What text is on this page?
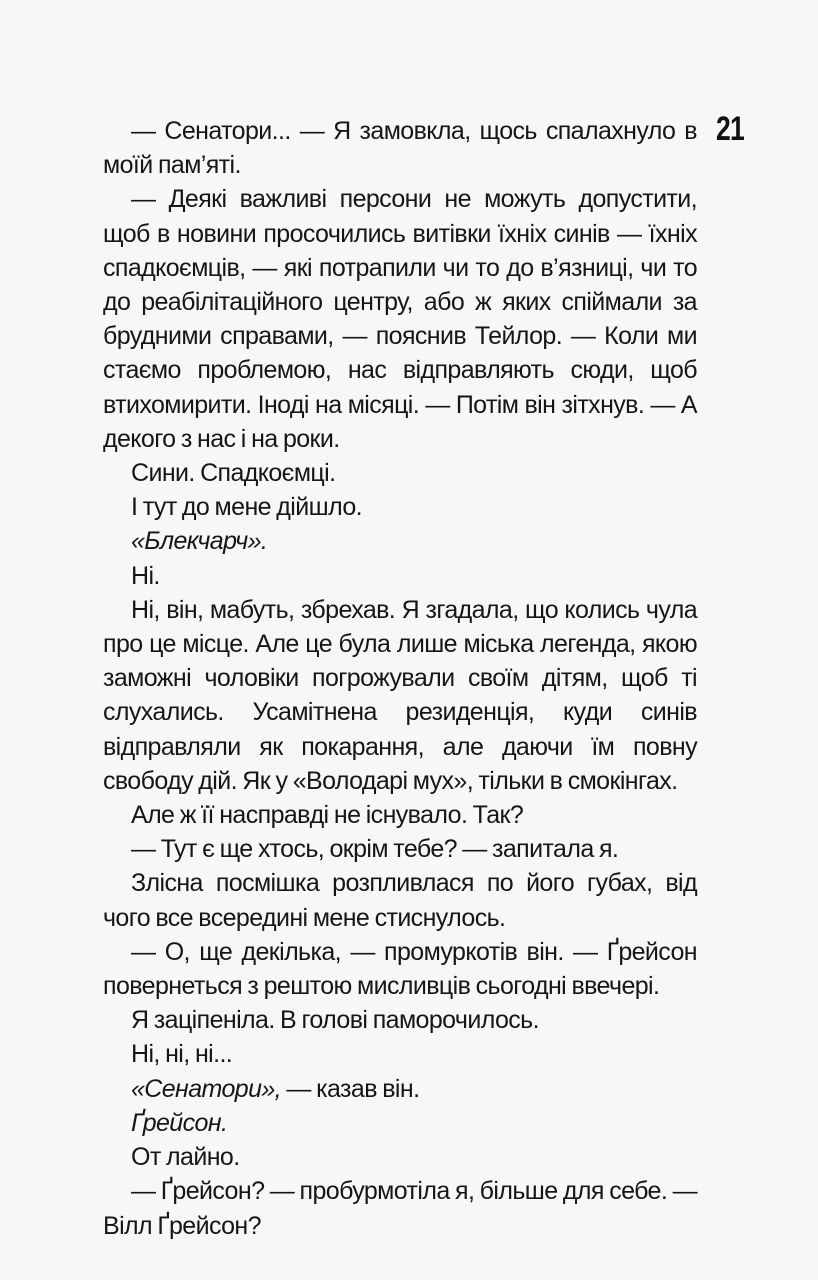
21

— Сенатори... — Я замовкла, щось спалахнуло в моїй пам’яті.

— Деякі важливі персони не можуть допустити, щоб в новини просочились витівки їхніх синів — їхніх спадкоємців, — які потрапили чи то до в’язниці, чи то до реабілітаційного центру, або ж яких спіймали за брудними справами, — пояснив Тейлор. — Коли ми стаємо проблемою, нас відправляють сюди, щоб втихомирити. Іноді на місяці. — Потім він зітхнув. — А декого з нас і на роки.

Сини. Спадкоємці.

І тут до мене дійшло.

«Блекчарч».

Ні.

Ні, він, мабуть, збрехав. Я згадала, що колись чула про це місце. Але це була лише міська легенда, якою заможні чоловіки погрожували своїм дітям, щоб ті слухались. Усамітнена резиденція, куди синів відправляли як покарання, але даючи їм повну свободу дій. Як у «Володарі мух», тільки в смокінгах.

Але ж її насправді не існувало. Так?

— Тут є ще хтось, окрім тебе? — запитала я.

Злісна посмішка розпливлася по його губах, від чого все всередині мене стиснулось.

— О, ще декілька, — промуркотів він. — Ґрейсон повернеться з рештою мисливців сьогодні ввечері.

Я заціпеніла. В голові паморочилось.

Ні, ні, ні...

«Сенатори», — казав він.

Ґрейсон.

От лайно.

— Ґрейсон? — пробурмотіла я, більше для себе. — Вілл Ґрейсон?
